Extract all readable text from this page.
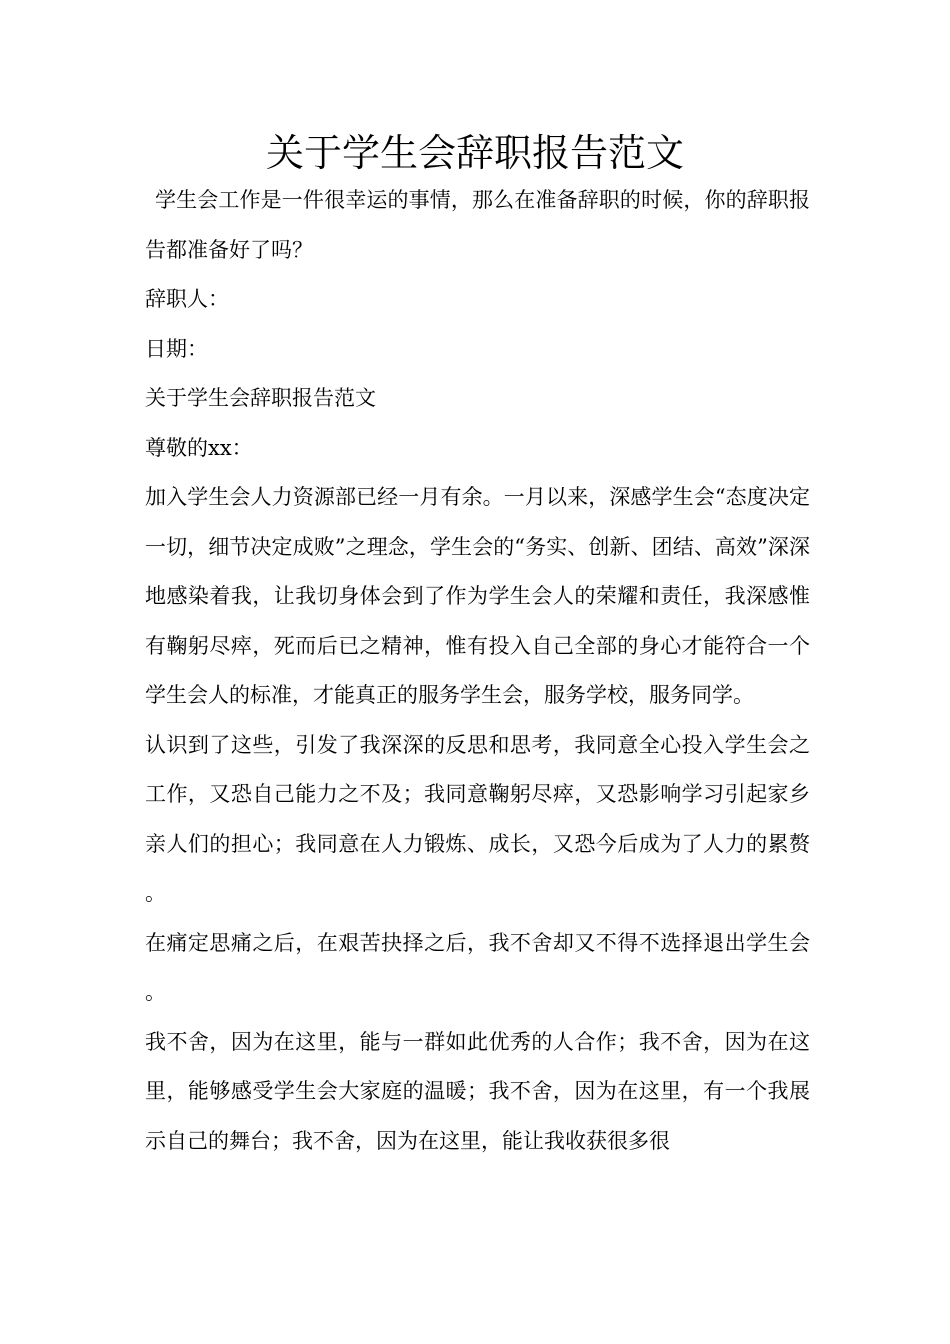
关于学生会辞职报告范文

学生会工作是一件很幸运的事情，那么在准备辞职的时候，你的辞职报告都准备好了吗？

辞职人：

日期：

关于学生会辞职报告范文

尊敬的xx：

加入学生会人力资源部已经一月有余。一月以来，深感学生会“态度决定一切，细节决定成败”之理念，学生会的“务实、创新、团结、高效”深深地感染着我，让我切身体会到了作为学生会人的荣耀和责任，我深感惟有鞠躬尽瘁，死而后已之精神，惟有投入自己全部的身心才能符合一个学生会人的标准，才能真正的服务学生会，服务学校，服务同学。

认识到了这些，引发了我深深的反思和思考，我同意全心投入学生会之工作，又恐自己能力之不及；我同意鞠躬尽瘁，又恐影响学习引起家乡亲人们的担心；我同意在人力锻炼、成长，又恐今后成为了人力的累赘。

在痛定思痛之后，在艰苦抉择之后，我不舍却又不得不选择退出学生会。

我不舍，因为在这里，能与一群如此优秀的人合作；我不舍，因为在这里，能够感受学生会大家庭的温暖；我不舍，因为在这里，有一个我展示自己的舞台；我不舍，因为在这里，能让我收获很多很
